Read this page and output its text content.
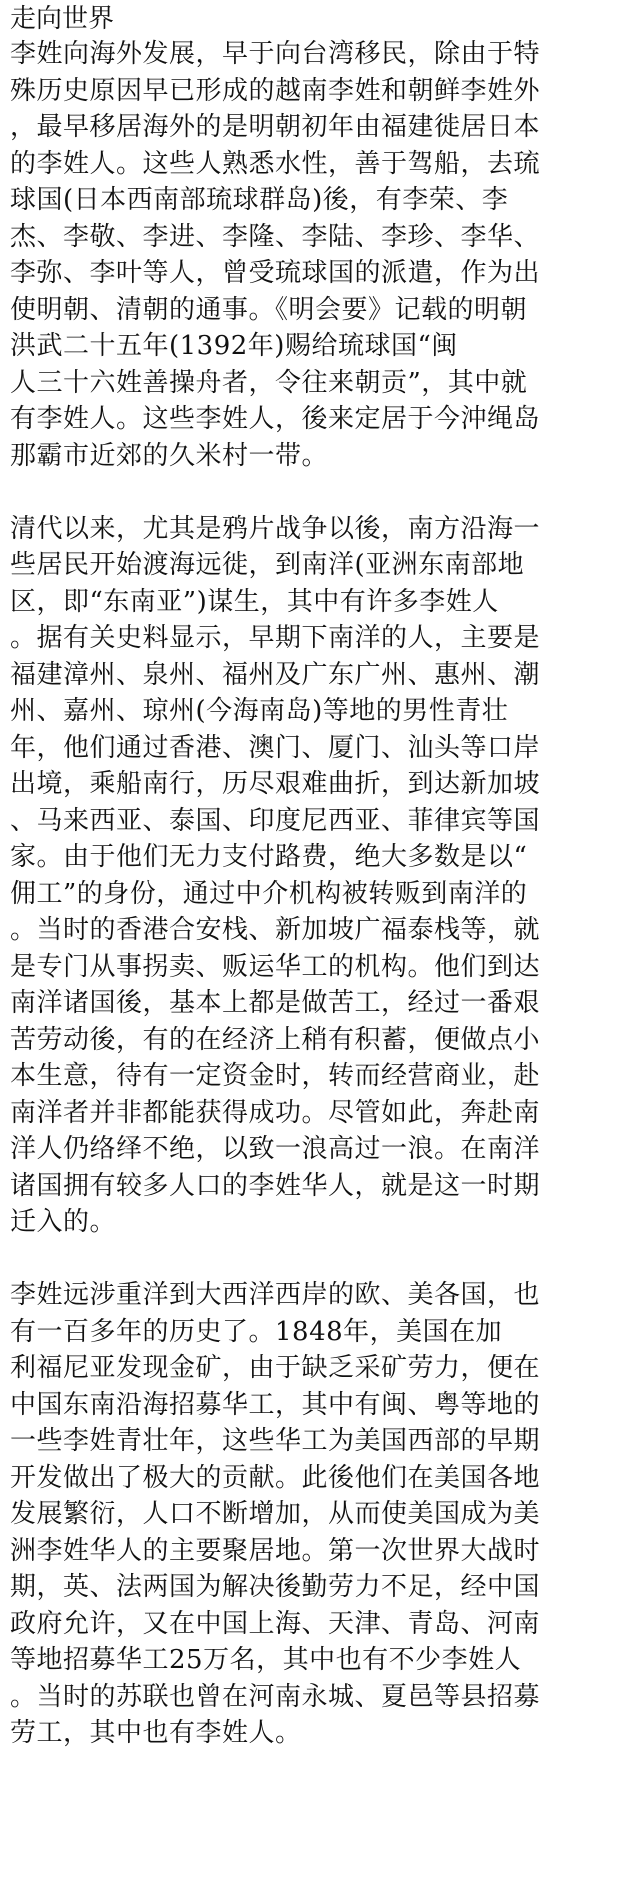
走向世界
李姓向海外发展，早于向台湾移民，除由于特
殊历史原因早已形成的越南李姓和朝鲜李姓外
，最早移居海外的是明朝初年由福建徙居日本
的李姓人。这些人熟悉水性，善于驾船，去琉
球国(日本西南部琉球群岛)後，有李荣、李
杰、李敬、李进、李隆、李陆、李珍、李华、
李弥、李叶等人，曾受琉球国的派遣，作为出
使明朝、清朝的通事。《明会要》记载的明朝
洪武二十五年(1392年)赐给琉球国“闽
人三十六姓善操舟者，令往来朝贡”，其中就
有李姓人。这些李姓人，後来定居于今沖绳岛
那霸市近郊的久米村一带。
清代以来，尤其是鸦片战争以後，南方沿海一
些居民开始渡海远徙，到南洋(亚洲东南部地
区，即“东南亚”)谋生，其中有许多李姓人
。据有关史料显示，早期下南洋的人，主要是
福建漳州、泉州、福州及广东广州、惠州、潮
州、嘉州、琼州(今海南岛)等地的男性青壮
年，他们通过香港、澳门、厦门、汕头等口岸
出境，乘船南行，历尽艰难曲折，到达新加坡
、马来西亚、泰国、印度尼西亚、菲律宾等国
家。由于他们无力支付路费，绝大多数是以“
佣工”的身份，通过中介机构被转贩到南洋的
。当时的香港合安栈、新加坡广福泰栈等，就
是专门从事拐卖、贩运华工的机构。他们到达
南洋诸国後，基本上都是做苦工，经过一番艰
苦劳动後，有的在经济上稍有积蓄，便做点小
本生意，待有一定资金时，转而经营商业，赴
南洋者并非都能获得成功。尽管如此，奔赴南
洋人仍络绎不绝，以致一浪高过一浪。在南洋
诸国拥有较多人口的李姓华人，就是这一时期
迁入的。
李姓远涉重洋到大西洋西岸的欧、美各国，也
有一百多年的历史了。1848年，美国在加
利福尼亚发现金矿，由于缺乏采矿劳力，便在
中国东南沿海招募华工，其中有闽、粤等地的
一些李姓青壮年，这些华工为美国西部的早期
开发做出了极大的贡献。此後他们在美国各地
发展繁衍，人口不断增加，从而使美国成为美
洲李姓华人的主要聚居地。第一次世界大战时
期，英、法两国为解决後勤劳力不足，经中国
政府允许，又在中国上海、天津、青岛、河南
等地招募华工25万名，其中也有不少李姓人
。当时的苏联也曾在河南永城、夏邑等县招募
劳工，其中也有李姓人。
